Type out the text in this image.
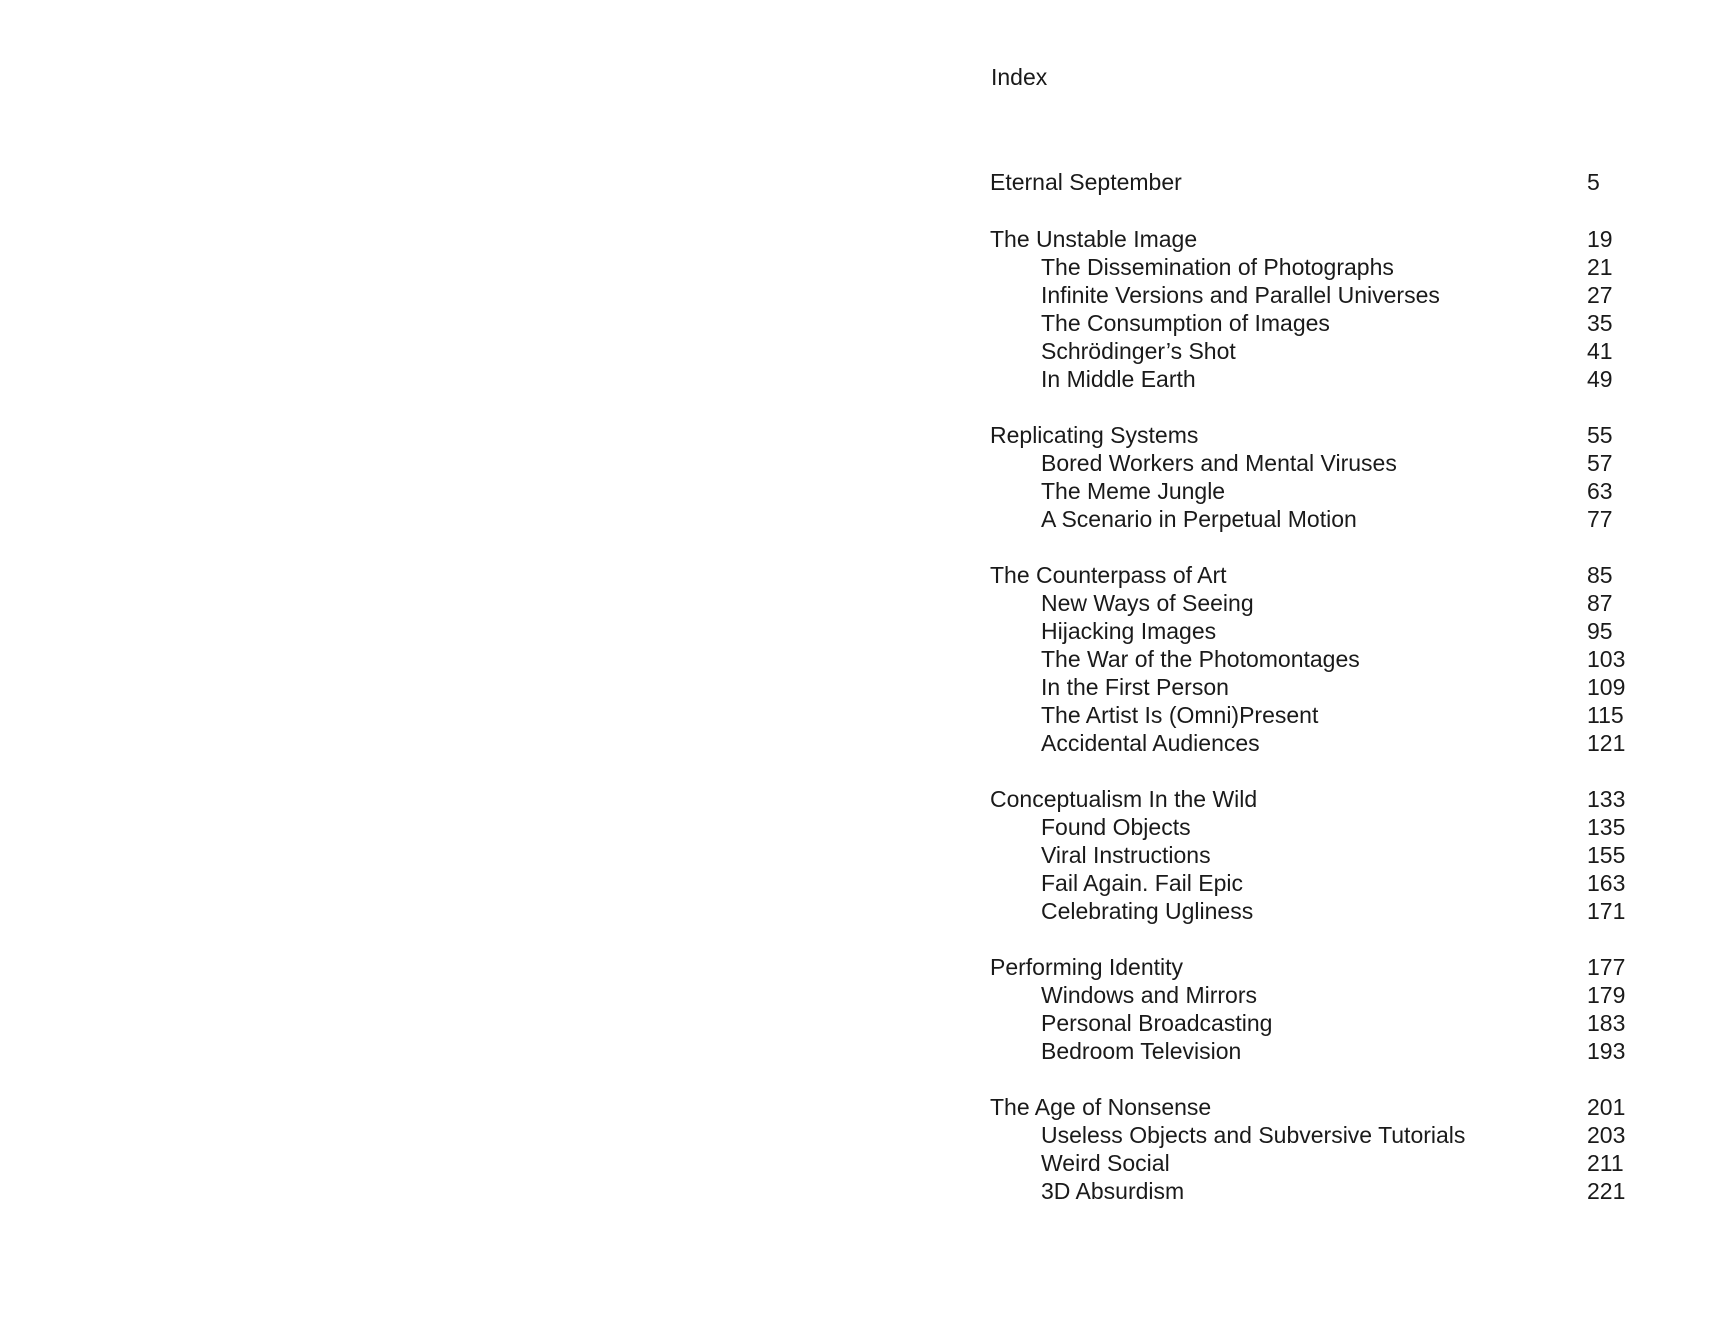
Index
Eternal September	5
The Unstable Image	19
The Dissemination of Photographs	21
Infinite Versions and Parallel Universes	27
The Consumption of Images	35
Schrödinger’s Shot	41
In Middle Earth	49
Replicating Systems	55
Bored Workers and Mental Viruses	57
The Meme Jungle	63
A Scenario in Perpetual Motion	77
The Counterpass of Art	85
New Ways of Seeing	87
Hijacking Images	95
The War of the Photomontages	103
In the First Person	109
The Artist Is (Omni)Present	115
Accidental Audiences	121
Conceptualism In the Wild	133
Found Objects	135
Viral Instructions	155
Fail Again. Fail Epic	163
Celebrating Ugliness	171
Performing Identity	177
Windows and Mirrors	179
Personal Broadcasting	183
Bedroom Television	193
The Age of Nonsense	201
Useless Objects and Subversive Tutorials	203
Weird Social	211
3D Absurdism	221
